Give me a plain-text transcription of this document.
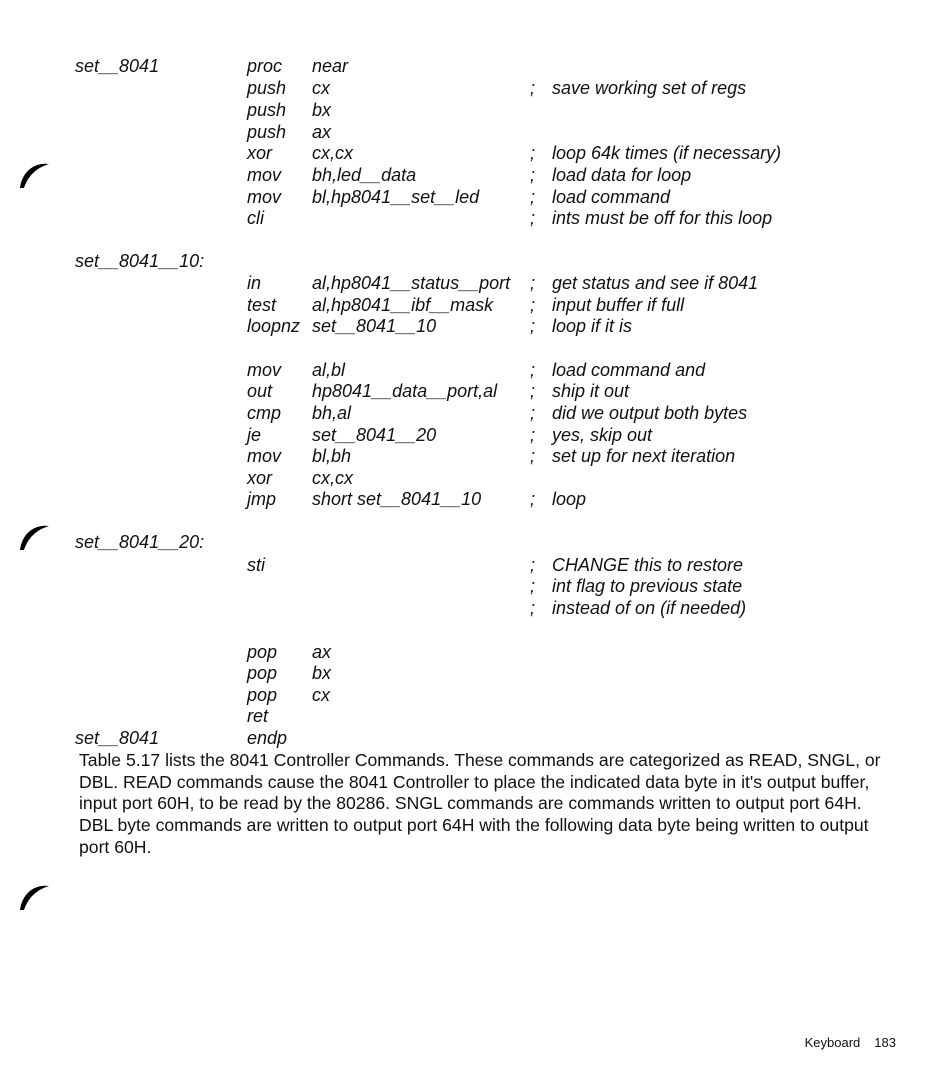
set__8041	proc near
push cx	; save working set of regs
push bx
push ax
xor cx,cx	; loop 64k times (if necessary)
mov bh,led__data	; load data for loop
mov bl,hp8041__set__led	; load command
cli	; ints must be off for this loop
set__8041__10:
in	al,hp8041__status__port ; get status and see if 8041
test al,hp8041__ibf__mask ; input buffer if full
loopnz set__8041__10	; loop if it is
mov al,bl	; load command and
out hp8041__data__port,al ; ship it out
cmp bh,al	; did we output both bytes
je	set__8041__20	; yes, skip out
mov bl,bh	; set up for next iteration
xor cx,cx
jmp short set__8041__10	; loop
set__8041__20:
sti	; CHANGE this to restore
; int flag to previous state
; instead of on (if needed)
pop ax
pop bx
pop cx
ret
set__8041	endp

Table 5.17 lists the 8041 Controller Commands. These commands are categorized as READ, SNGL, or DBL. READ commands cause the 8041 Controller to place the indicated data byte in it's output buffer, input port 60H, to be read by the 80286. SNGL commands are commands written to output port 64H. DBL byte commands are written to output port 64H with the following data byte being written to output port 60H.

Keyboard 183
